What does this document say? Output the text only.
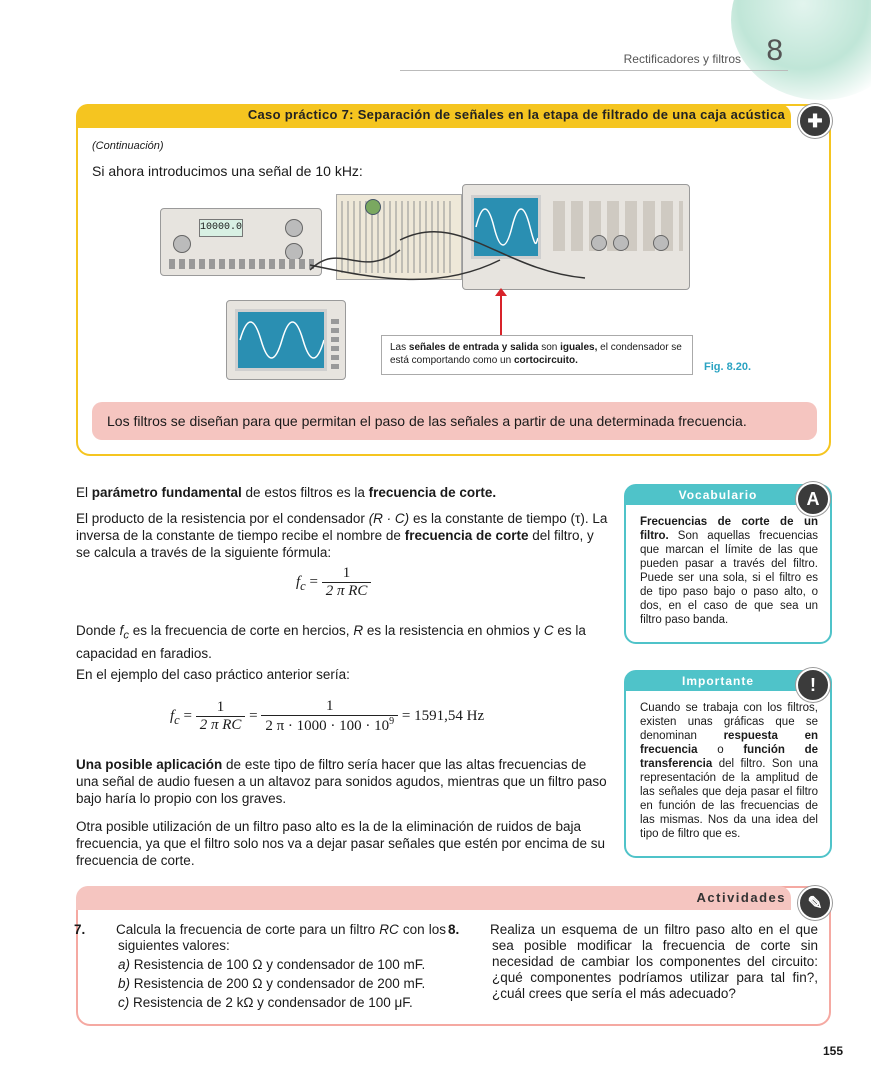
Rectificadores y filtros 8
Caso práctico 7: Separación de señales en la etapa de filtrado de una caja acústica	✚
(Continuación)
Si ahora introducimos una señal de 10 kHz:
10000.0
Las señales de entrada y salida son iguales, el condensador se está comportando como un cortocircuito.
Fig. 8.20.
Los filtros se diseñan para que permitan el paso de las señales a partir de una determinada frecuencia.
El parámetro fundamental de estos filtros es la frecuencia de corte.
El producto de la resistencia por el condensador (R · C) es la constante de tiempo (τ). La inversa de la constante de tiempo recibe el nombre de frecuencia de corte del filtro, y se calcula a través de la siguiente fórmula:
$f_c = \frac{1}{\text{2 π RC}}$
Donde $f_c$ es la frecuencia de corte en hercios, R es la resistencia en ohmios y C es la capacidad en faradios.
En el ejemplo del caso práctico anterior sería:
$f_c = \frac{1}{\text{2 π RC}} = \frac{1}{2 \pi \cdot 1000 \cdot 100 \cdot 10^9} = 1591,54$ Hz
Una posible aplicación de este tipo de filtro sería hacer que las altas frecuencias de una señal de audio fuesen a un altavoz para sonidos agudos, mientras que un filtro paso bajo haría lo propio con los graves.
Otra posible utilización de un filtro paso alto es la de la eliminación de ruidos de baja frecuencia, ya que el filtro solo nos va a dejar pasar señales que estén por encima de su frecuencia de corte.
Vocabulario
Frecuencias de corte de un filtro. Son aquellas frecuencias que marcan el límite de las que pueden pasar a través del filtro. Puede ser una sola, si el filtro es de tipo paso bajo o paso alto, o dos, en el caso de que sea un filtro paso banda.
A
Importante
Cuando se trabaja con los filtros, existen unas gráficas que se denominan respuesta en frecuencia o función de transferencia del filtro. Son una representación de la amplitud de las señales que deja pasar el filtro en función de las frecuencias de las mismas. Nos da una idea del tipo de filtro que es.
!
Actividades	✎
7. Calcula la frecuencia de corte para un filtro RC con los siguientes valores:
a) Resistencia de 100 Ω y condensador de 100 mF.
b) Resistencia de 200 Ω y condensador de 200 mF.
c) Resistencia de 2 kΩ y condensador de 100 μF.
8. Realiza un esquema de un filtro paso alto en el que sea posible modificar la frecuencia de corte sin necesidad de cambiar los componentes del circuito: ¿qué componentes podríamos utilizar para tal fin?, ¿cuál crees que sería el más adecuado?
155
